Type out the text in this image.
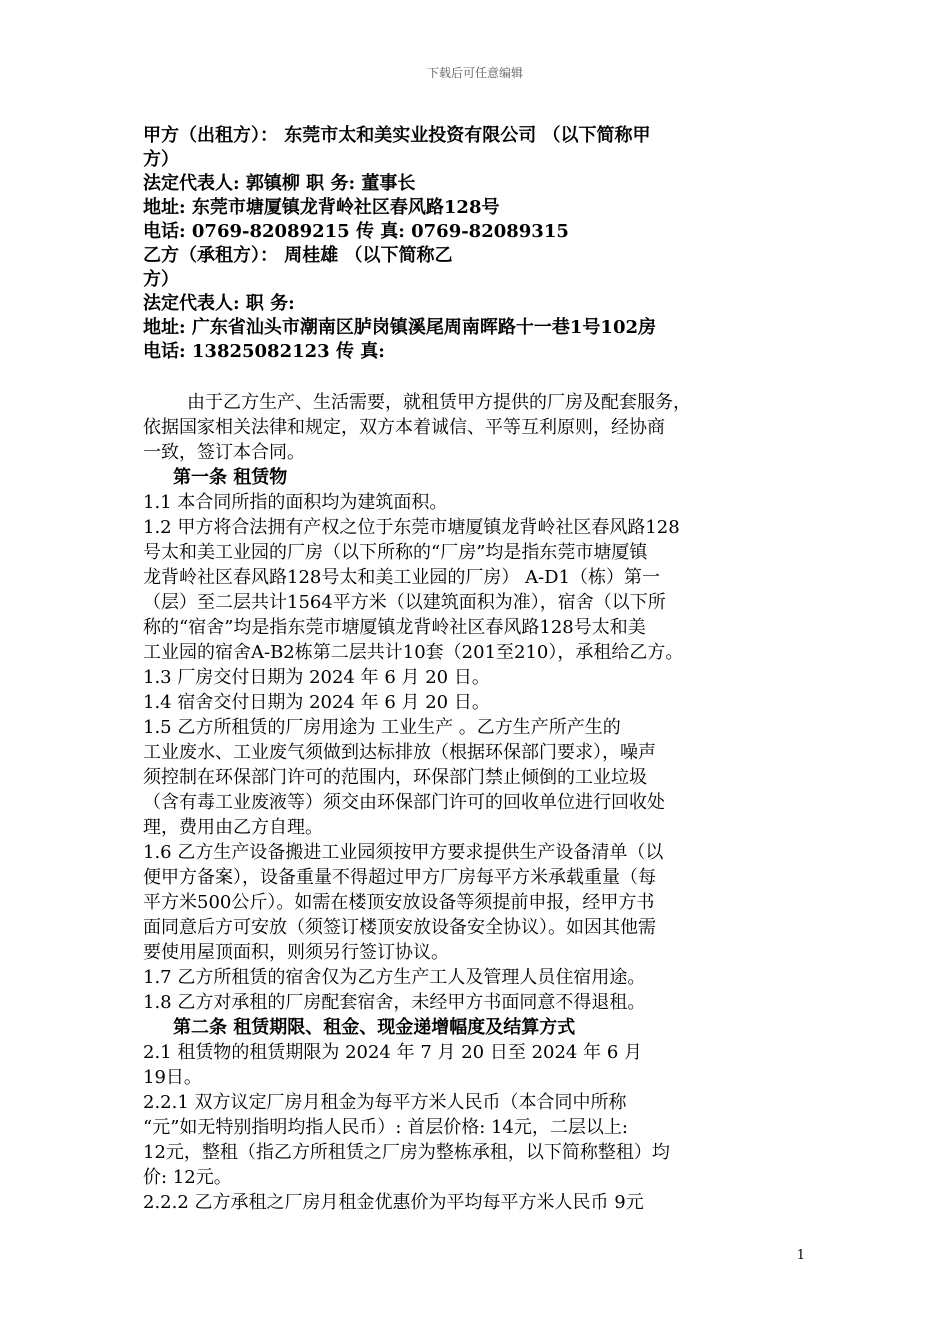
下载后可任意编辑
甲方（出租方）： 东莞市太和美实业投资有限公司 （以下简称甲
方）
法定代表人: 郭镇柳 职 务: 董事长
地址: 东莞市塘厦镇龙背岭社区春风路128号
电话: 0769-82089215 传 真: 0769-82089315
乙方（承租方）： 周桂雄 （以下简称乙
方）
法定代表人: 职 务:
地址: 广东省汕头市潮南区胪岗镇溪尾周南晖路十一巷1号102房
电话: 13825082123 传 真:
由于乙方生产、生活需要，就租赁甲方提供的厂房及配套服务，
依据国家相关法律和规定，双方本着诚信、平等互利原则，经协商
一致，签订本合同。
第一条 租赁物
1.1 本合同所指的面积均为建筑面积。
1.2 甲方将合法拥有产权之位于东莞市塘厦镇龙背岭社区春风路128
号太和美工业园的厂房（以下所称的“厂房”均是指东莞市塘厦镇
龙背岭社区春风路128号太和美工业园的厂房） A-D1（栋）第一
（层）至二层共计1564平方米（以建筑面积为准），宿舍（以下所
称的“宿舍”均是指东莞市塘厦镇龙背岭社区春风路128号太和美
工业园的宿舍A-B2栋第二层共计10套（201至210），承租给乙方。
1.3 厂房交付日期为 2024 年 6 月 20 日。
1.4 宿舍交付日期为 2024 年 6 月 20 日。
1.5 乙方所租赁的厂房用途为 工业生产 。乙方生产所产生的
工业废水、工业废气须做到达标排放（根据环保部门要求），噪声
须控制在环保部门许可的范围内，环保部门禁止倾倒的工业垃圾
（含有毒工业废液等）须交由环保部门许可的回收单位进行回收处
理，费用由乙方自理。
1.6 乙方生产设备搬进工业园须按甲方要求提供生产设备清单（以
便甲方备案），设备重量不得超过甲方厂房每平方米承载重量（每
平方米500公斤）。如需在楼顶安放设备等须提前申报，经甲方书
面同意后方可安放（须签订楼顶安放设备安全协议）。如因其他需
要使用屋顶面积，则须另行签订协议。
1.7 乙方所租赁的宿舍仅为乙方生产工人及管理人员住宿用途。
1.8 乙方对承租的厂房配套宿舍，未经甲方书面同意不得退租。
第二条 租赁期限、租金、现金递增幅度及结算方式
2.1 租赁物的租赁期限为 2024 年 7 月 20 日至 2024 年 6 月
19日。
2.2.1 双方议定厂房月租金为每平方米人民币（本合同中所称
“元”如无特别指明均指人民币）: 首层价格: 14元，二层以上:
12元，整租（指乙方所租赁之厂房为整栋承租，以下简称整租）均
价: 12元。
2.2.2 乙方承租之厂房月租金优惠价为平均每平方米人民币 9元
1
